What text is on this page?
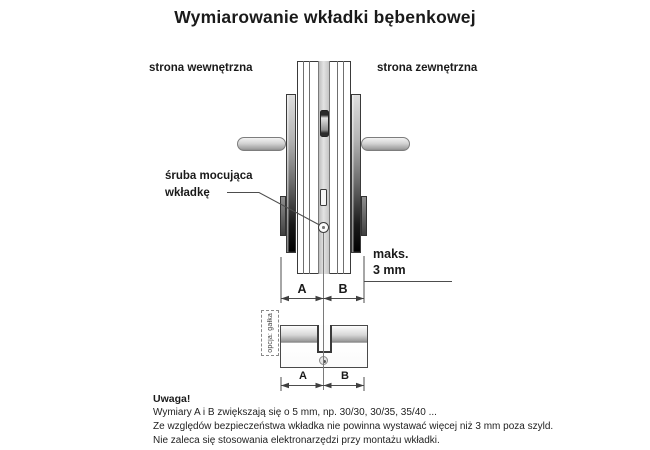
Wymiarowanie wkładki bębenkowej
strona wewnętrzna	strona zewnętrzna
śruba mocująca
wkładkę
maks.
3 mm
A	B
opcja: gałka
A	B
Uwaga!
Wymiary A i B zwiększają się o 5 mm, np. 30/30, 30/35, 35/40 ...
Ze względów bezpieczeństwa wkładka nie powinna wystawać więcej niż 3 mm poza szyld.
Nie zaleca się stosowania elektronarzędzi przy montażu wkładki.
